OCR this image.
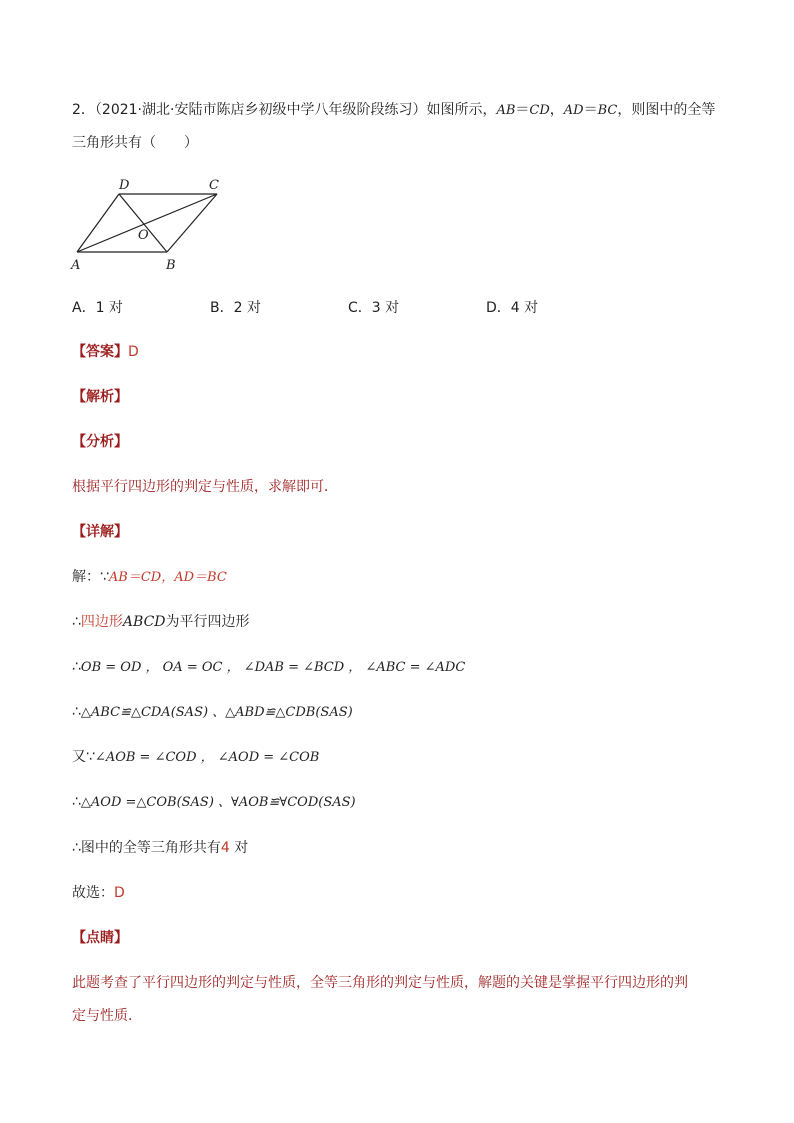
2．（2021·湖北·安陆市陈店乡初级中学八年级阶段练习）如图所示，AB＝CD，AD＝BC，则图中的全等
三角形共有（　　）
D	C
O
A	B
A．1 对	B．2 对	C．3 对	D．4 对
【答案】D
【解析】
【分析】
根据平行四边形的判定与性质，求解即可．
【详解】
解：∵AB＝CD，AD＝BC
∴四边形ABCD为平行四边形
∴OB = OD ， OA = OC ， ∠DAB = ∠BCD ， ∠ABC = ∠ADC
∴△ABC≌△CDA(SAS) 、△ABD≌△CDB(SAS)
又∵∠AOB = ∠COD ， ∠AOD = ∠COB
∴△AOD =△COB(SAS) 、∀AOB≌∀COD(SAS)
∴图中的全等三角形共有4 对
故选：D
【点睛】
此题考查了平行四边形的判定与性质，全等三角形的判定与性质，解题的关键是掌握平行四边形的判
定与性质．
